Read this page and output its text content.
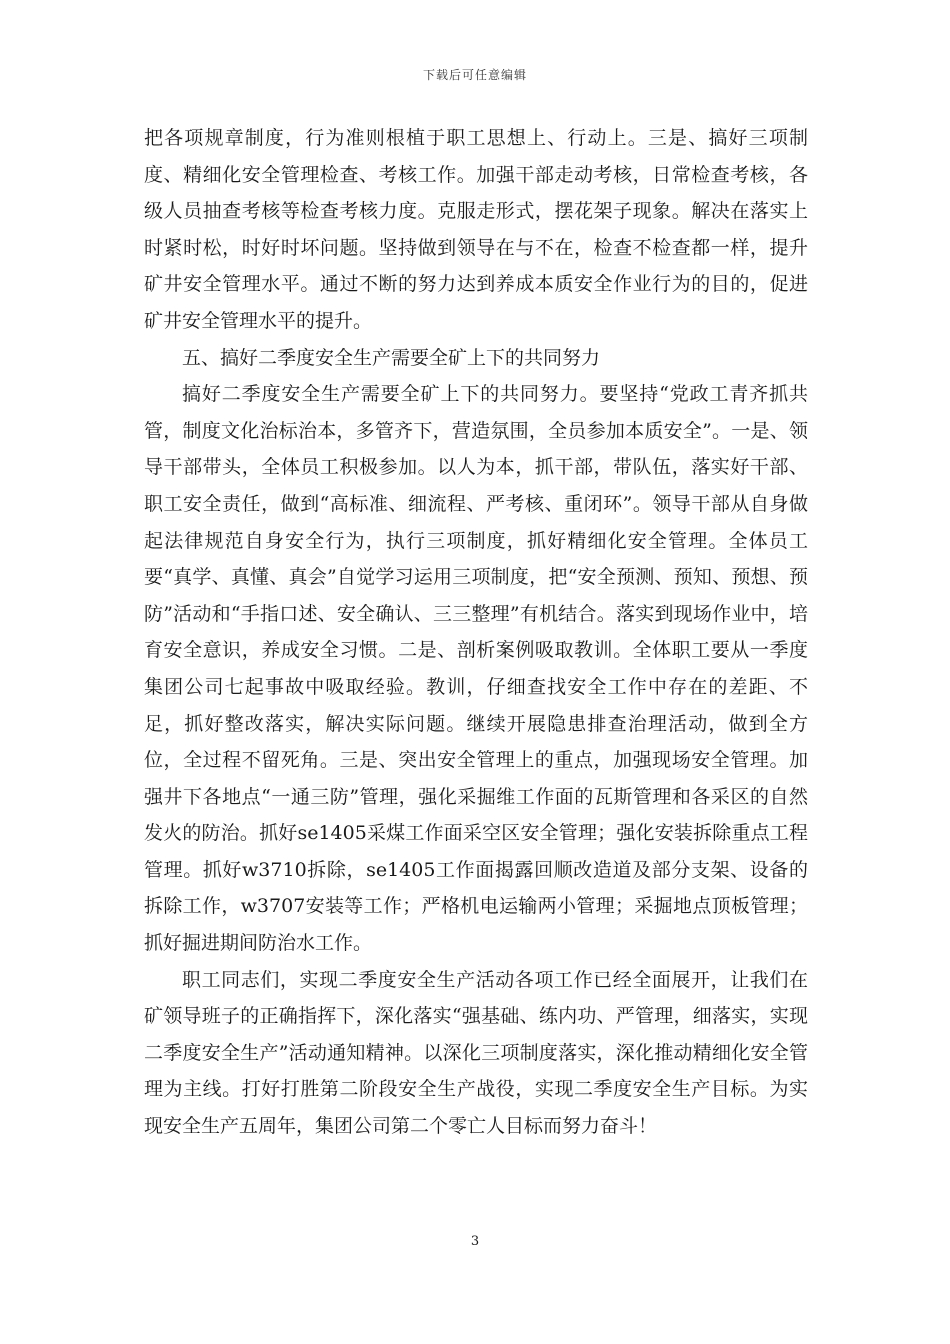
下载后可任意编辑

把各项规章制度，行为准则根植于职工思想上、行动上。三是、搞好三项制度、精细化安全管理检查、考核工作。加强干部走动考核，日常检查考核，各级人员抽查考核等检查考核力度。克服走形式，摆花架子现象。解决在落实上时紧时松，时好时坏问题。坚持做到领导在与不在，检查不检查都一样，提升矿井安全管理水平。通过不断的努力达到养成本质安全作业行为的目的，促进矿井安全管理水平的提升。

五、搞好二季度安全生产需要全矿上下的共同努力

搞好二季度安全生产需要全矿上下的共同努力。要坚持“党政工青齐抓共管，制度文化治标治本，多管齐下，营造氛围，全员参加本质安全”。一是、领导干部带头，全体员工积极参加。以人为本，抓干部，带队伍，落实好干部、职工安全责任，做到“高标准、细流程、严考核、重闭环”。领导干部从自身做起法律规范自身安全行为，执行三项制度，抓好精细化安全管理。全体员工要“真学、真懂、真会”自觉学习运用三项制度，把“安全预测、预知、预想、预防”活动和“手指口述、安全确认、三三整理”有机结合。落实到现场作业中，培育安全意识，养成安全习惯。二是、剖析案例吸取教训。全体职工要从一季度集团公司七起事故中吸取经验。教训，仔细查找安全工作中存在的差距、不足，抓好整改落实，解决实际问题。继续开展隐患排查治理活动，做到全方位，全过程不留死角。三是、突出安全管理上的重点，加强现场安全管理。加强井下各地点“一通三防”管理，强化采掘维工作面的瓦斯管理和各采区的自然发火的防治。抓好se1405采煤工作面采空区安全管理；强化安装拆除重点工程管理。抓好w3710拆除，se1405工作面揭露回顺改造道及部分支架、设备的拆除工作，w3707安装等工作；严格机电运输两小管理；采掘地点顶板管理；抓好掘进期间防治水工作。

职工同志们，实现二季度安全生产活动各项工作已经全面展开，让我们在矿领导班子的正确指挥下，深化落实“强基础、练内功、严管理，细落实，实现二季度安全生产”活动通知精神。以深化三项制度落实，深化推动精细化安全管理为主线。打好打胜第二阶段安全生产战役，实现二季度安全生产目标。为实现安全生产五周年，集团公司第二个零亡人目标而努力奋斗！

3
